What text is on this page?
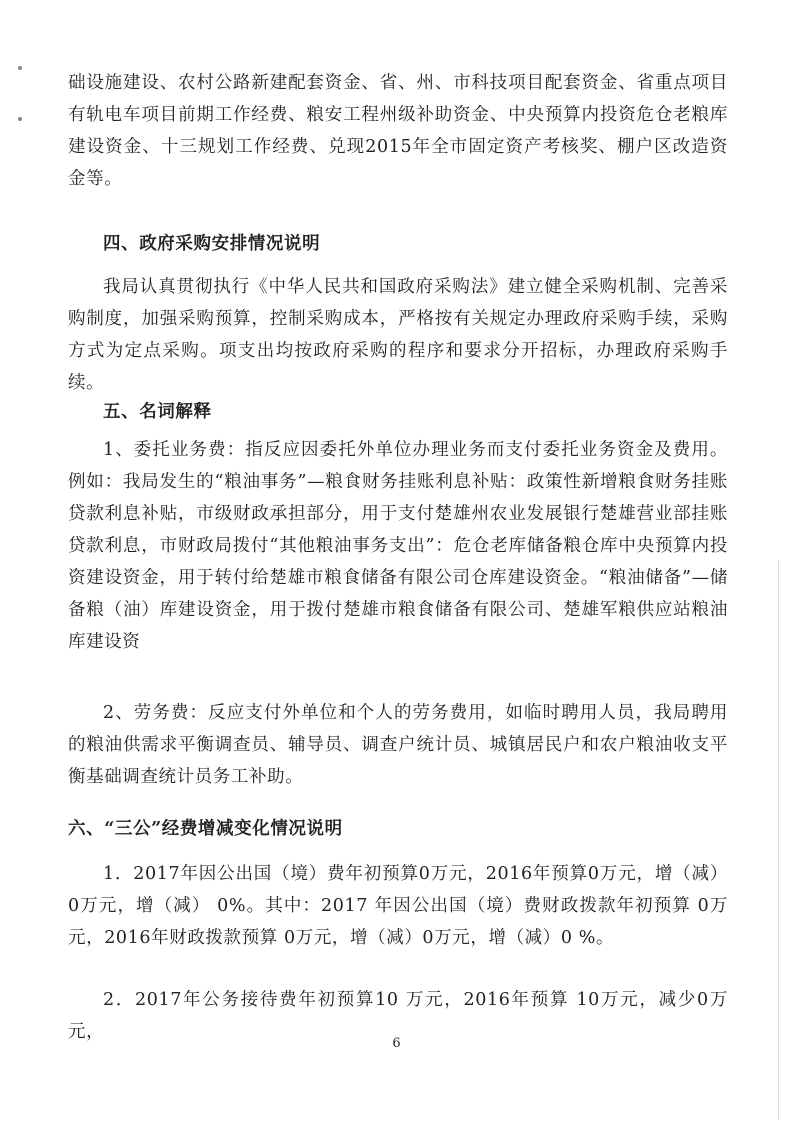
础设施建设、农村公路新建配套资金、省、州、市科技项目配套资金、省重点项目有轨电车项目前期工作经费、粮安工程州级补助资金、中央预算内投资危仓老粮库建设资金、十三规划工作经费、兑现2015年全市固定资产考核奖、棚户区改造资金等。

四、政府采购安排情况说明

我局认真贯彻执行《中华人民共和国政府采购法》建立健全采购机制、完善采购制度，加强采购预算，控制采购成本，严格按有关规定办理政府采购手续，采购方式为定点采购。项支出均按政府采购的程序和要求分开招标，办理政府采购手续。

五、名词解释

1、委托业务费：指反应因委托外单位办理业务而支付委托业务资金及费用。例如：我局发生的“粮油事务”—粮食财务挂账利息补贴：政策性新增粮食财务挂账贷款利息补贴，市级财政承担部分，用于支付楚雄州农业发展银行楚雄营业部挂账贷款利息，市财政局拨付“其他粮油事务支出”：危仓老库储备粮仓库中央预算内投资建设资金，用于转付给楚雄市粮食储备有限公司仓库建设资金。“粮油储备”—储备粮（油）库建设资金，用于拨付楚雄市粮食储备有限公司、楚雄军粮供应站粮油库建设资

2、劳务费：反应支付外单位和个人的劳务费用，如临时聘用人员，我局聘用的粮油供需求平衡调查员、辅导员、调查户统计员、城镇居民户和农户粮油收支平衡基础调查统计员务工补助。

六、“三公”经费增减变化情况说明

1．2017年因公出国（境）费年初预算0万元，2016年预算0万元，增（减）0万元，增（减） 0%。其中：2017 年因公出国（境）费财政拨款年初预算 0万元，2016年财政拨款预算 0万元，增（减）0万元，增（减）0 %。

2．2017年公务接待费年初预算10 万元，2016年预算 10万元，减少0万元，

6
